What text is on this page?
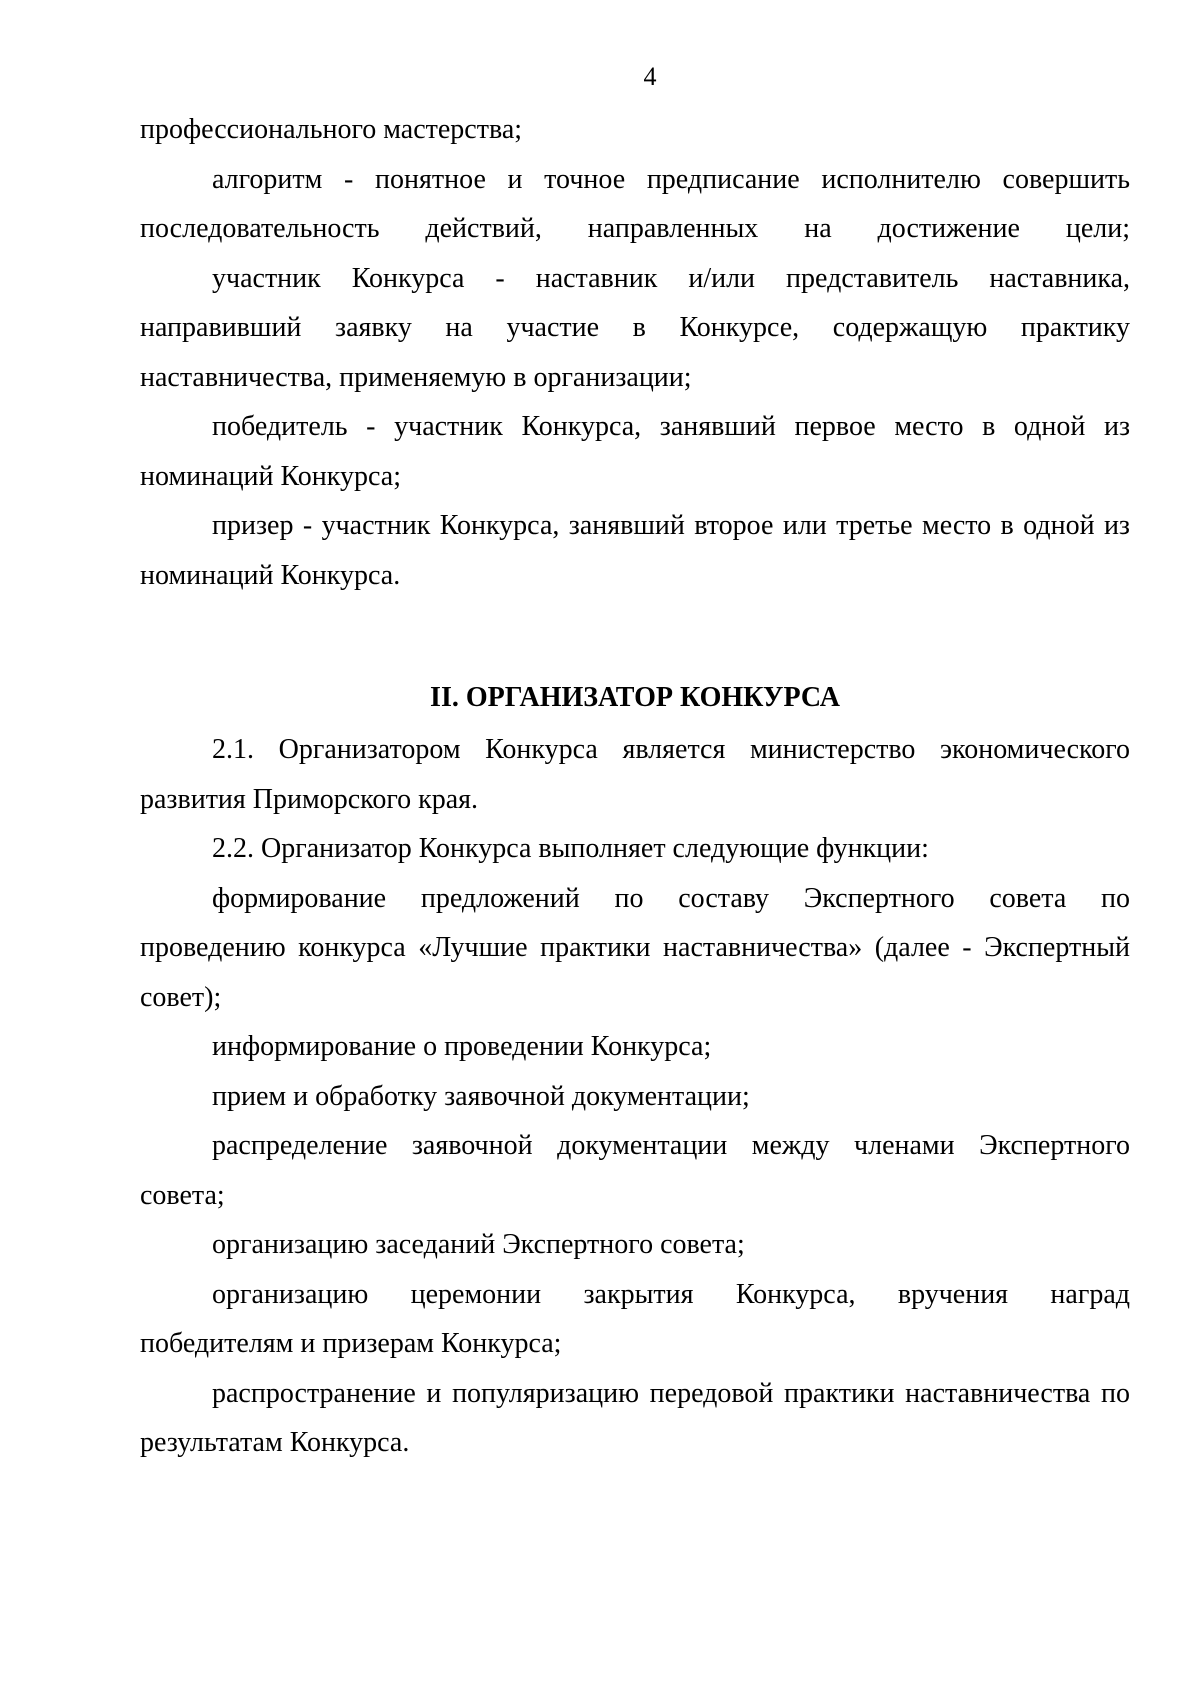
4
профессионального мастерства;
алгоритм - понятное и точное предписание исполнителю совершить
последовательность действий, направленных на достижение цели;
участник Конкурса - наставник и/или представитель наставника,
направивший заявку на участие в Конкурсе, содержащую практику
наставничества, применяемую в организации;
победитель - участник Конкурса, занявший первое место в одной из
номинаций Конкурса;
призер - участник Конкурса, занявший второе или третье место в одной из
номинаций Конкурса.
II. ОРГАНИЗАТОР КОНКУРСА
2.1. Организатором Конкурса является министерство экономического
развития Приморского края.
2.2. Организатор Конкурса выполняет следующие функции:
формирование предложений по составу Экспертного совета по
проведению конкурса «Лучшие практики наставничества» (далее - Экспертный
совет);
информирование о проведении Конкурса;
прием и обработку заявочной документации;
распределение заявочной документации между членами Экспертного
совета;
организацию заседаний Экспертного совета;
организацию церемонии закрытия Конкурса, вручения наград
победителям и призерам Конкурса;
распространение и популяризацию передовой практики наставничества по
результатам Конкурса.
